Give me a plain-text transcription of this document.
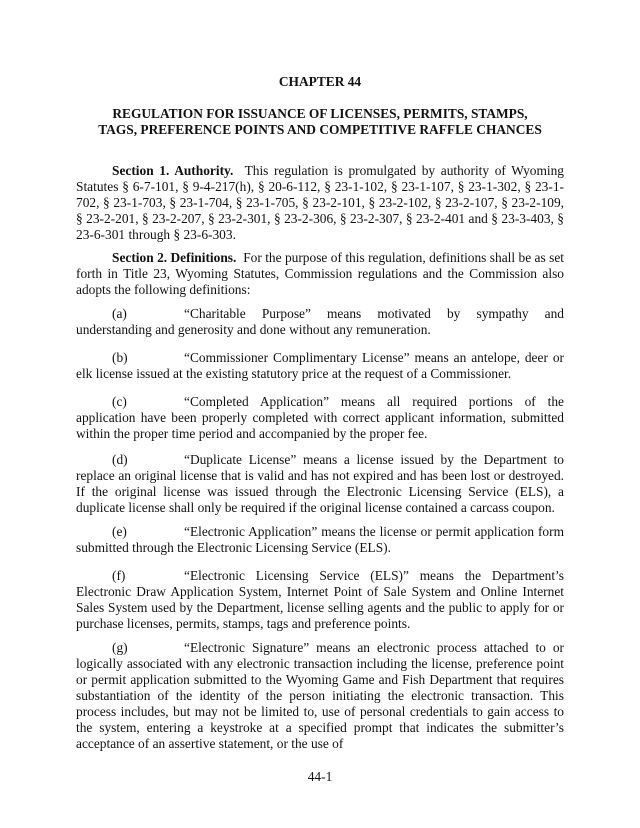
CHAPTER 44
REGULATION FOR ISSUANCE OF LICENSES, PERMITS, STAMPS,
TAGS, PREFERENCE POINTS AND COMPETITIVE RAFFLE CHANCES
Section 1. Authority. This regulation is promulgated by authority of Wyoming Statutes § 6-7-101, § 9-4-217(h), § 20-6-112, § 23-1-102, § 23-1-107, § 23-1-302, § 23-1-702, § 23-1-703, § 23-1-704, § 23-1-705, § 23-2-101, § 23-2-102, § 23-2-107, § 23-2-109, § 23-2-201, § 23-2-207, § 23-2-301, § 23-2-306, § 23-2-307, § 23-2-401 and § 23-3-403, § 23-6-301 through § 23-6-303.
Section 2. Definitions. For the purpose of this regulation, definitions shall be as set forth in Title 23, Wyoming Statutes, Commission regulations and the Commission also adopts the following definitions:
(a)	“Charitable Purpose” means motivated by sympathy and understanding and generosity and done without any remuneration.
(b)	“Commissioner Complimentary License” means an antelope, deer or elk license issued at the existing statutory price at the request of a Commissioner.
(c)	“Completed Application” means all required portions of the application have been properly completed with correct applicant information, submitted within the proper time period and accompanied by the proper fee.
(d)	“Duplicate License” means a license issued by the Department to replace an original license that is valid and has not expired and has been lost or destroyed. If the original license was issued through the Electronic Licensing Service (ELS), a duplicate license shall only be required if the original license contained a carcass coupon.
(e)	“Electronic Application” means the license or permit application form submitted through the Electronic Licensing Service (ELS).
(f)	“Electronic Licensing Service (ELS)” means the Department’s Electronic Draw Application System, Internet Point of Sale System and Online Internet Sales System used by the Department, license selling agents and the public to apply for or purchase licenses, permits, stamps, tags and preference points.
(g)	“Electronic Signature” means an electronic process attached to or logically associated with any electronic transaction including the license, preference point or permit application submitted to the Wyoming Game and Fish Department that requires substantiation of the identity of the person initiating the electronic transaction. This process includes, but may not be limited to, use of personal credentials to gain access to the system, entering a keystroke at a specified prompt that indicates the submitter’s acceptance of an assertive statement, or the use of
44-1
